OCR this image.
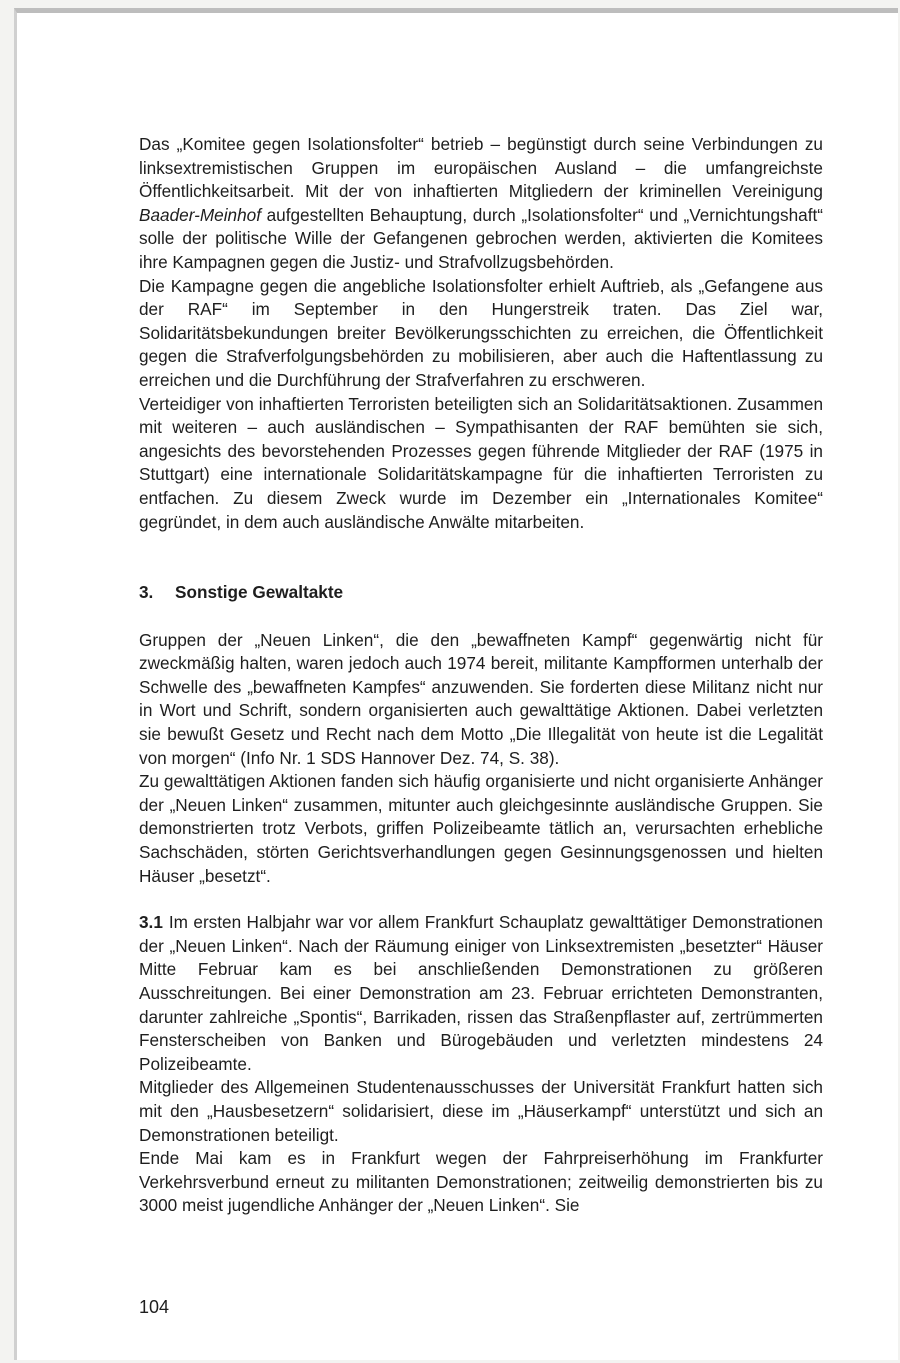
Das „Komitee gegen Isolationsfolter“ betrieb – begünstigt durch seine Verbindungen zu linksextremistischen Gruppen im europäischen Ausland – die umfangreichste Öffentlichkeitsarbeit. Mit der von inhaftierten Mitgliedern der kriminellen Vereinigung Baader-Meinhof aufgestellten Behauptung, durch „Isolationsfolter“ und „Vernichtungshaft“ solle der politische Wille der Gefangenen gebrochen werden, aktivierten die Komitees ihre Kampagnen gegen die Justiz- und Strafvollzugsbehörden.

Die Kampagne gegen die angebliche Isolationsfolter erhielt Auftrieb, als „Gefangene aus der RAF“ im September in den Hungerstreik traten. Das Ziel war, Solidaritätsbekundungen breiter Bevölkerungsschichten zu erreichen, die Öffentlichkeit gegen die Strafverfolgungsbehörden zu mobilisieren, aber auch die Haftentlassung zu erreichen und die Durchführung der Strafverfahren zu erschweren.

Verteidiger von inhaftierten Terroristen beteiligten sich an Solidaritätsaktionen. Zusammen mit weiteren – auch ausländischen – Sympathisanten der RAF bemühten sie sich, angesichts des bevorstehenden Prozesses gegen führende Mitglieder der RAF (1975 in Stuttgart) eine internationale Solidaritätskampagne für die inhaftierten Terroristen zu entfachen. Zu diesem Zweck wurde im Dezember ein „Internationales Komitee“ gegründet, in dem auch ausländische Anwälte mitarbeiten.

3. Sonstige Gewaltakte

Gruppen der „Neuen Linken“, die den „bewaffneten Kampf“ gegenwärtig nicht für zweckmäßig halten, waren jedoch auch 1974 bereit, militante Kampfformen unterhalb der Schwelle des „bewaffneten Kampfes“ anzuwenden. Sie forderten diese Militanz nicht nur in Wort und Schrift, sondern organisierten auch gewalttätige Aktionen. Dabei verletzten sie bewußt Gesetz und Recht nach dem Motto „Die Illegalität von heute ist die Legalität von morgen“ (Info Nr. 1 SDS Hannover Dez. 74, S. 38).

Zu gewalttätigen Aktionen fanden sich häufig organisierte und nicht organisierte Anhänger der „Neuen Linken“ zusammen, mitunter auch gleichgesinnte ausländische Gruppen. Sie demonstrierten trotz Verbots, griffen Polizeibeamte tätlich an, verursachten erhebliche Sachschäden, störten Gerichtsverhandlungen gegen Gesinnungsgenossen und hielten Häuser „besetzt“.

3.1 Im ersten Halbjahr war vor allem Frankfurt Schauplatz gewalttätiger Demonstrationen der „Neuen Linken“. Nach der Räumung einiger von Linksextremisten „besetzter“ Häuser Mitte Februar kam es bei anschließenden Demonstrationen zu größeren Ausschreitungen. Bei einer Demonstration am 23. Februar errichteten Demonstranten, darunter zahlreiche „Spontis“, Barrikaden, rissen das Straßenpflaster auf, zertrümmerten Fensterscheiben von Banken und Bürogebäuden und verletzten mindestens 24 Polizeibeamte.

Mitglieder des Allgemeinen Studentenausschusses der Universität Frankfurt hatten sich mit den „Hausbesetzern“ solidarisiert, diese im „Häuserkampf“ unterstützt und sich an Demonstrationen beteiligt.

Ende Mai kam es in Frankfurt wegen der Fahrpreiserhöhung im Frankfurter Verkehrsverbund erneut zu militanten Demonstrationen; zeitweilig demonstrierten bis zu 3000 meist jugendliche Anhänger der „Neuen Linken“. Sie

104
